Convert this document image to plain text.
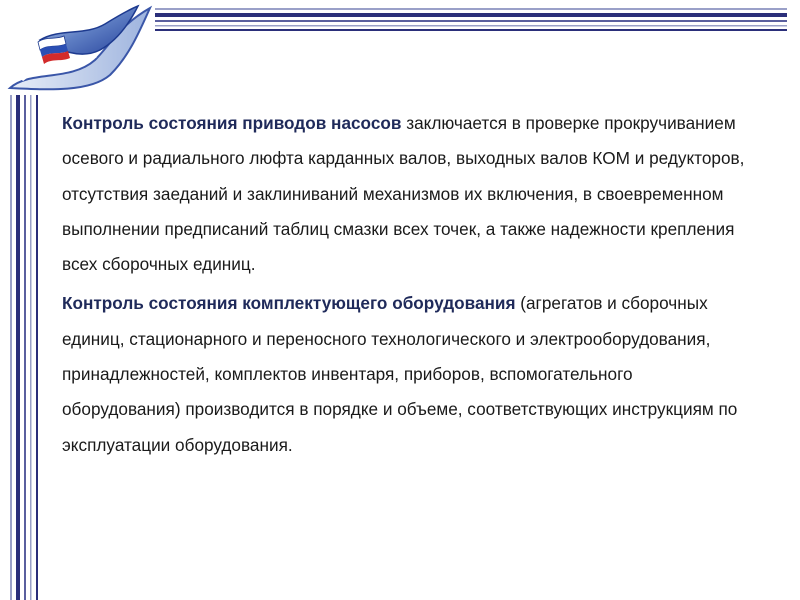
Контроль состояния приводов насосов заключается в проверке прокручиванием осевого и радиального люфта карданных валов, выходных валов КОМ и редукторов, отсутствия заеданий и заклиниваний механизмов их включения, в своевременном выполнении предписаний таблиц смазки всех точек, а также надежности крепления всех сборочных единиц.

Контроль состояния комплектующего оборудования (агрегатов и сборочных единиц, стационарного и переносного технологического и электрооборудования, принадлежностей, комплектов инвентаря, приборов, вспомогательного оборудования) производится в порядке и объеме, соответствующих инструкциям по эксплуатации оборудования.
